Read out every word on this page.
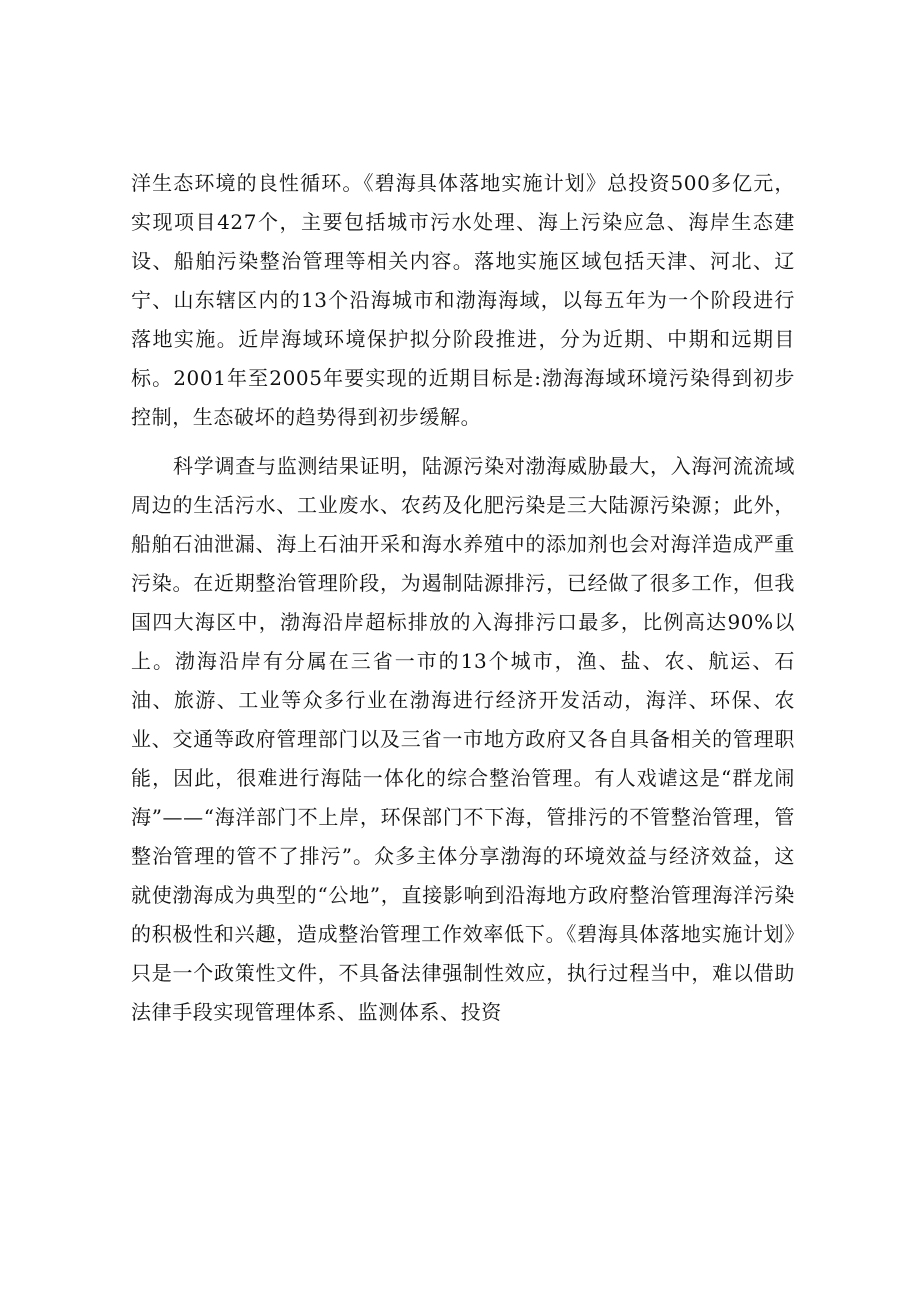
洋生态环境的良性循环。《碧海具体落地实施计划》总投资500多亿元，实现项目427个，主要包括城市污水处理、海上污染应急、海岸生态建设、船舶污染整治管理等相关内容。落地实施区域包括天津、河北、辽宁、山东辖区内的13个沿海城市和渤海海域，以每五年为一个阶段进行落地实施。近岸海域环境保护拟分阶段推进，分为近期、中期和远期目标。2001年至2005年要实现的近期目标是:渤海海域环境污染得到初步控制，生态破坏的趋势得到初步缓解。

科学调查与监测结果证明，陆源污染对渤海威胁最大，入海河流流域周边的生活污水、工业废水、农药及化肥污染是三大陆源污染源；此外，船舶石油泄漏、海上石油开采和海水养殖中的添加剂也会对海洋造成严重污染。在近期整治管理阶段，为遏制陆源排污，已经做了很多工作，但我国四大海区中，渤海沿岸超标排放的入海排污口最多，比例高达90%以上。渤海沿岸有分属在三省一市的13个城市，渔、盐、农、航运、石油、旅游、工业等众多行业在渤海进行经济开发活动，海洋、环保、农业、交通等政府管理部门以及三省一市地方政府又各自具备相关的管理职能，因此，很难进行海陆一体化的综合整治管理。有人戏谑这是“群龙闹海”——“海洋部门不上岸，环保部门不下海，管排污的不管整治管理，管整治管理的管不了排污”。众多主体分享渤海的环境效益与经济效益，这就使渤海成为典型的“公地”，直接影响到沿海地方政府整治管理海洋污染的积极性和兴趣，造成整治管理工作效率低下。《碧海具体落地实施计划》只是一个政策性文件，不具备法律强制性效应，执行过程当中，难以借助法律手段实现管理体系、监测体系、投资
